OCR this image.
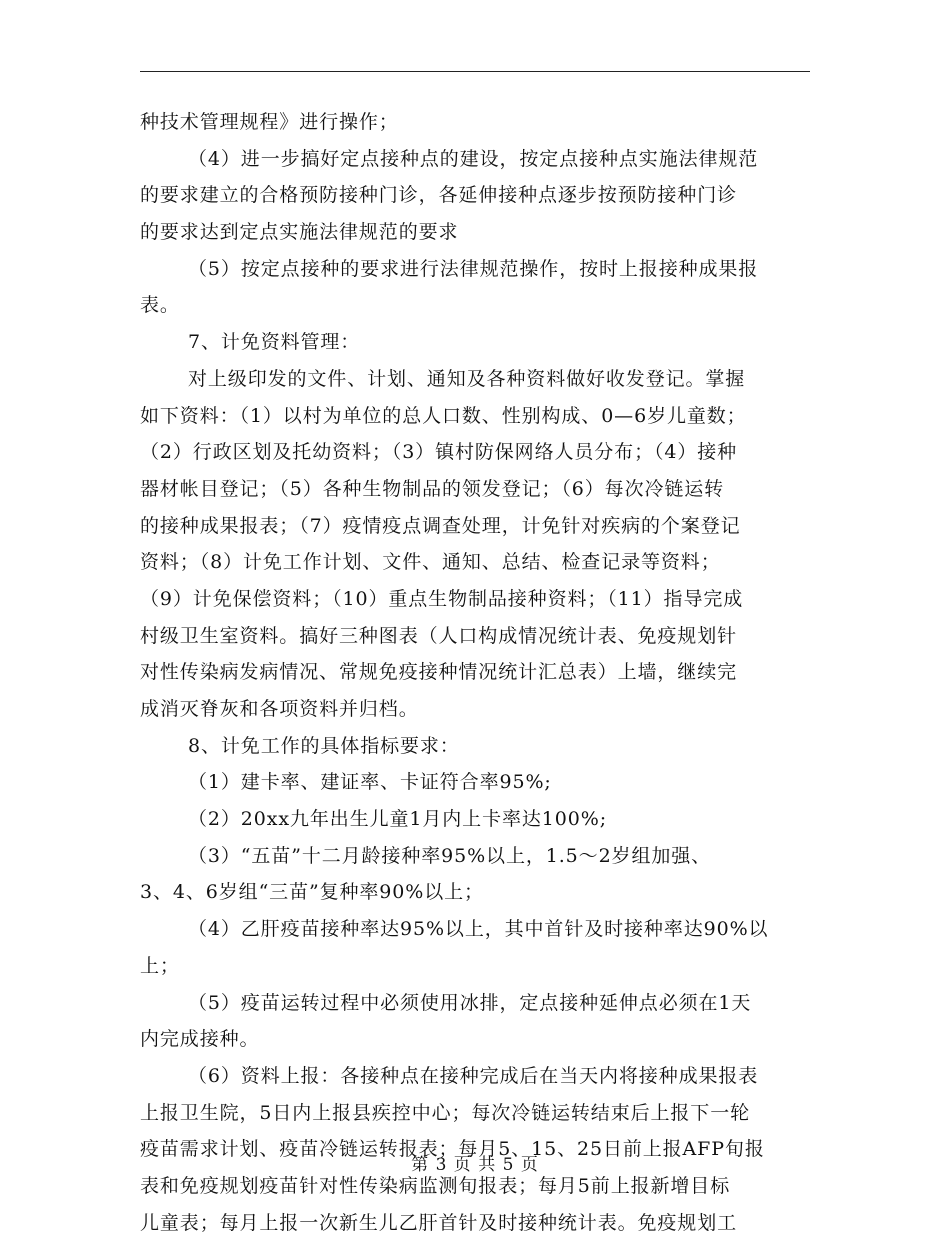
种技术管理规程》进行操作；
（4）进一步搞好定点接种点的建设，按定点接种点实施法律规范
的要求建立的合格预防接种门诊，各延伸接种点逐步按预防接种门诊
的要求达到定点实施法律规范的要求
（5）按定点接种的要求进行法律规范操作，按时上报接种成果报
表。
7、计免资料管理：
对上级印发的文件、计划、通知及各种资料做好收发登记。掌握
如下资料：（1）以村为单位的总人口数、性别构成、0—6岁儿童数；
（2）行政区划及托幼资料；（3）镇村防保网络人员分布；（4）接种
器材帐目登记；（5）各种生物制品的领发登记；（6）每次冷链运转
的接种成果报表；（7）疫情疫点调查处理，计免针对疾病的个案登记
资料；（8）计免工作计划、文件、通知、总结、检查记录等资料；
（9）计免保偿资料；（10）重点生物制品接种资料；（11）指导完成
村级卫生室资料。搞好三种图表（人口构成情况统计表、免疫规划针
对性传染病发病情况、常规免疫接种情况统计汇总表）上墙，继续完
成消灭脊灰和各项资料并归档。
8、计免工作的具体指标要求：
（1）建卡率、建证率、卡证符合率95%;
（2）20xx九年出生儿童1月内上卡率达100%;
（3）“五苗”十二月龄接种率95%以上，1.5～2岁组加强、
3、4、6岁组“三苗”复种率90%以上；
（4）乙肝疫苗接种率达95%以上，其中首针及时接种率达90%以
上；
（5）疫苗运转过程中必须使用冰排，定点接种延伸点必须在1天
内完成接种。
（6）资料上报：各接种点在接种完成后在当天内将接种成果报表
上报卫生院，5日内上报县疾控中心；每次冷链运转结束后上报下一轮
疫苗需求计划、疫苗冷链运转报表；每月5、15、25日前上报AFP旬报
表和免疫规划疫苗针对性传染病监测旬报表；每月5前上报新增目标
儿童表；每月上报一次新生儿乙肝首针及时接种统计表。免疫规划工
第 3 页 共 5 页
